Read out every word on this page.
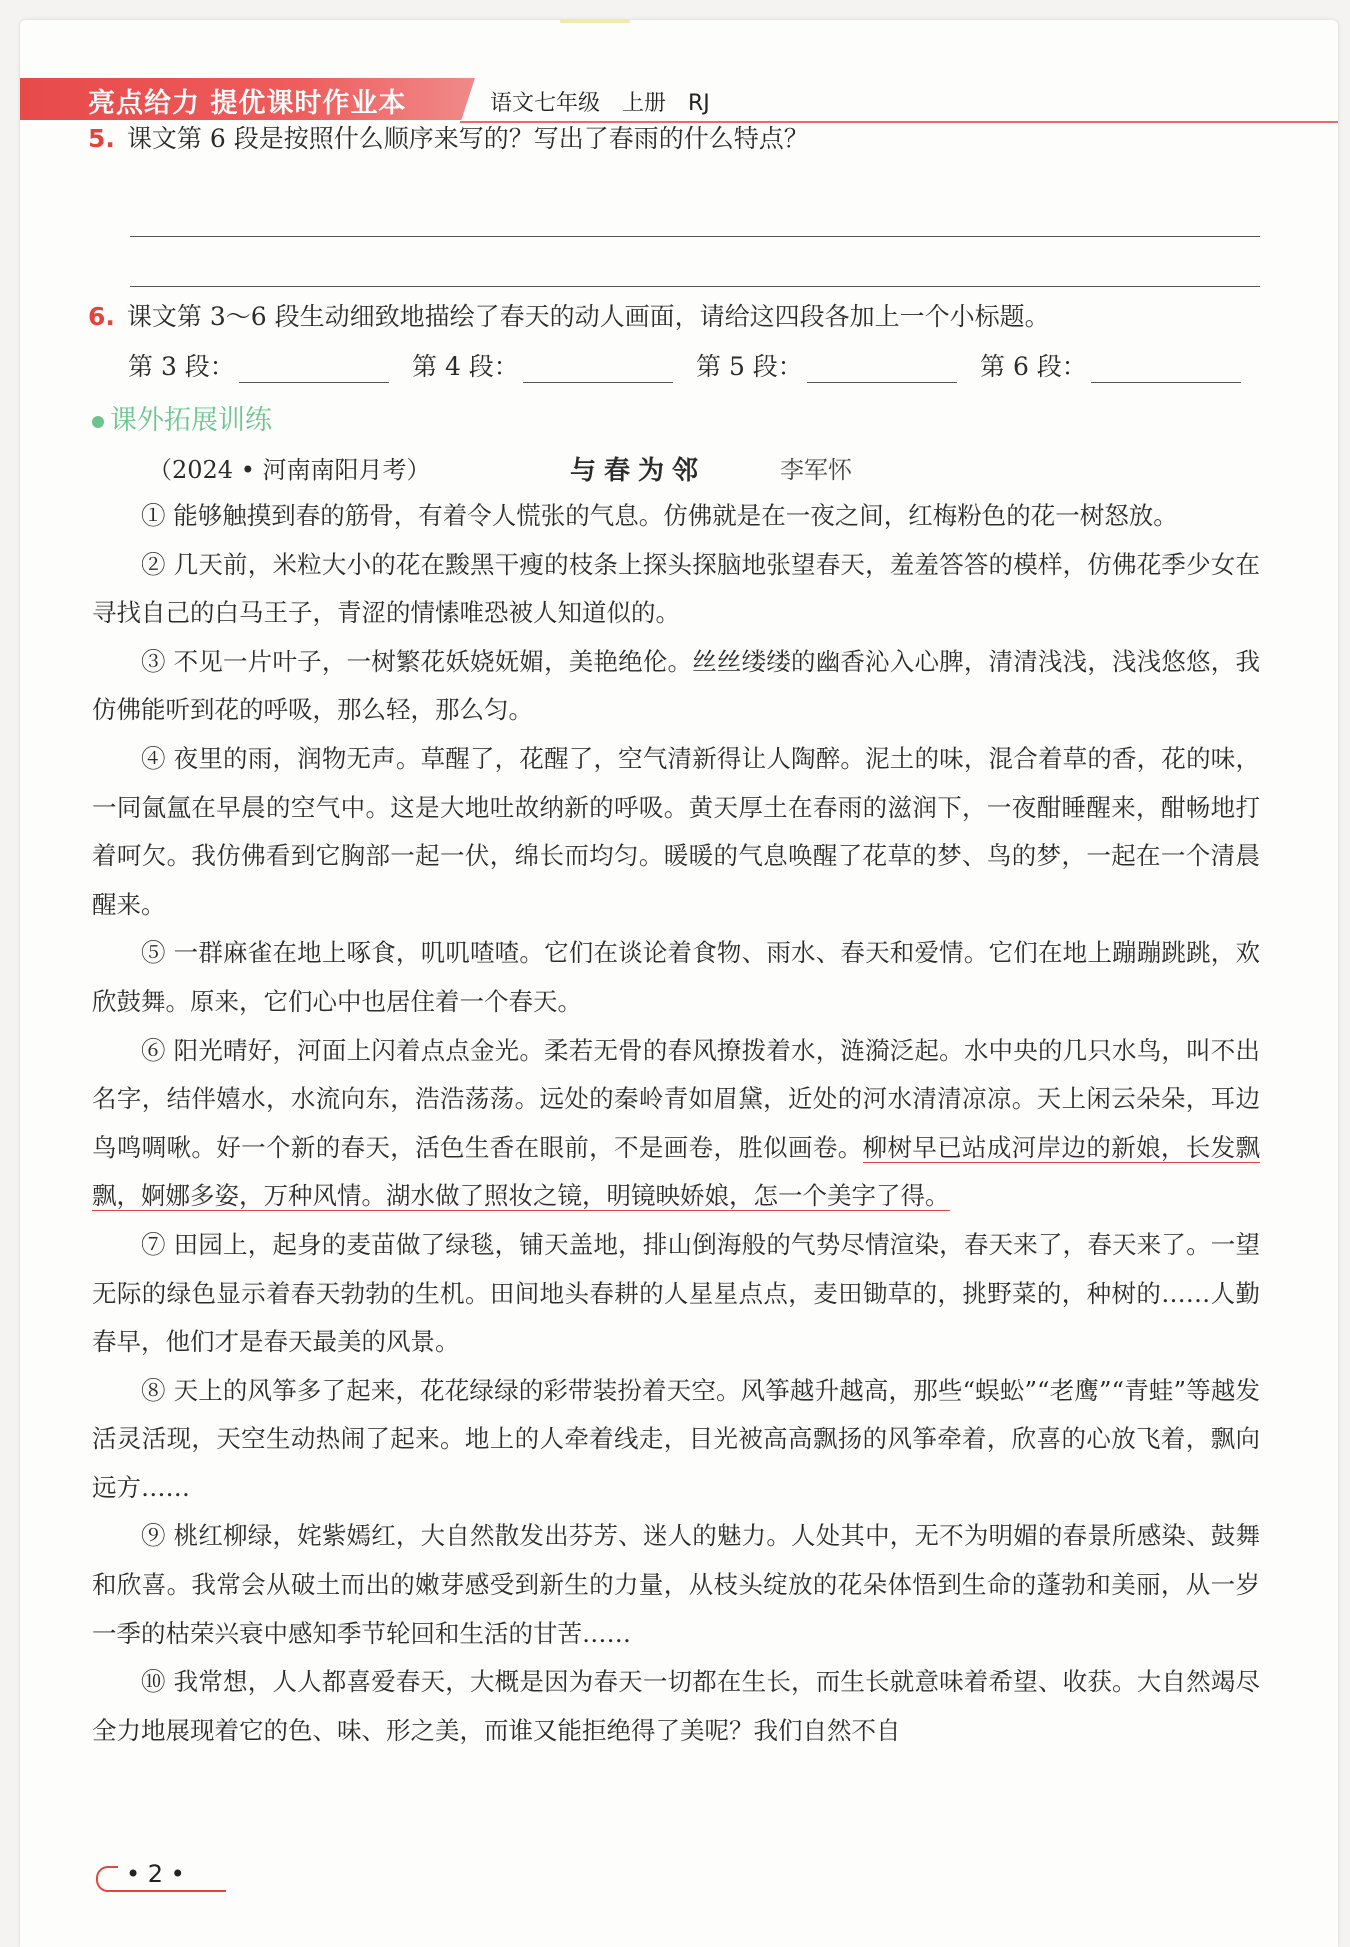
亮点给力 提优课时作业本	语文七年级　上册　RJ
5. 课文第 6 段是按照什么顺序来写的？写出了春雨的什么特点？
6. 课文第 3～6 段生动细致地描绘了春天的动人画面，请给这四段各加上一个小标题。
第 3 段：	第 4 段：	第 5 段：	第 6 段：
课外拓展训练
（2024 • 河南南阳月考）	与春为邻	李军怀

① 能够触摸到春的筋骨，有着令人慌张的气息。仿佛就是在一夜之间，红梅粉色的花一树怒放。

② 几天前，米粒大小的花在黢黑干瘦的枝条上探头探脑地张望春天，羞羞答答的模样，仿佛花季少女在寻找自己的白马王子，青涩的情愫唯恐被人知道似的。

③ 不见一片叶子，一树繁花妖娆妩媚，美艳绝伦。丝丝缕缕的幽香沁入心脾，清清浅浅，浅浅悠悠，我仿佛能听到花的呼吸，那么轻，那么匀。

④ 夜里的雨，润物无声。草醒了，花醒了，空气清新得让人陶醉。泥土的味，混合着草的香，花的味，一同氤氲在早晨的空气中。这是大地吐故纳新的呼吸。黄天厚土在春雨的滋润下，一夜酣睡醒来，酣畅地打着呵欠。我仿佛看到它胸部一起一伏，绵长而均匀。暖暖的气息唤醒了花草的梦、鸟的梦，一起在一个清晨醒来。

⑤ 一群麻雀在地上啄食，叽叽喳喳。它们在谈论着食物、雨水、春天和爱情。它们在地上蹦蹦跳跳，欢欣鼓舞。原来，它们心中也居住着一个春天。

⑥ 阳光晴好，河面上闪着点点金光。柔若无骨的春风撩拨着水，涟漪泛起。水中央的几只水鸟，叫不出名字，结伴嬉水，水流向东，浩浩荡荡。远处的秦岭青如眉黛，近处的河水清清凉凉。天上闲云朵朵，耳边鸟鸣啁啾。好一个新的春天，活色生香在眼前，不是画卷，胜似画卷。柳树早已站成河岸边的新娘，长发飘飘，婀娜多姿，万种风情。湖水做了照妆之镜，明镜映娇娘，怎一个美字了得。

⑦ 田园上，起身的麦苗做了绿毯，铺天盖地，排山倒海般的气势尽情渲染，春天来了，春天来了。一望无际的绿色显示着春天勃勃的生机。田间地头春耕的人星星点点，麦田锄草的，挑野菜的，种树的……人勤春早，他们才是春天最美的风景。

⑧ 天上的风筝多了起来，花花绿绿的彩带装扮着天空。风筝越升越高，那些“蜈蚣”“老鹰”“青蛙”等越发活灵活现，天空生动热闹了起来。地上的人牵着线走，目光被高高飘扬的风筝牵着，欣喜的心放飞着，飘向远方……

⑨ 桃红柳绿，姹紫嫣红，大自然散发出芬芳、迷人的魅力。人处其中，无不为明媚的春景所感染、鼓舞和欣喜。我常会从破土而出的嫩芽感受到新生的力量，从枝头绽放的花朵体悟到生命的蓬勃和美丽，从一岁一季的枯荣兴衰中感知季节轮回和生活的甘苦……

⑩ 我常想，人人都喜爱春天，大概是因为春天一切都在生长，而生长就意味着希望、收获。大自然竭尽全力地展现着它的色、味、形之美，而谁又能拒绝得了美呢？我们自然不自

• 2 •
